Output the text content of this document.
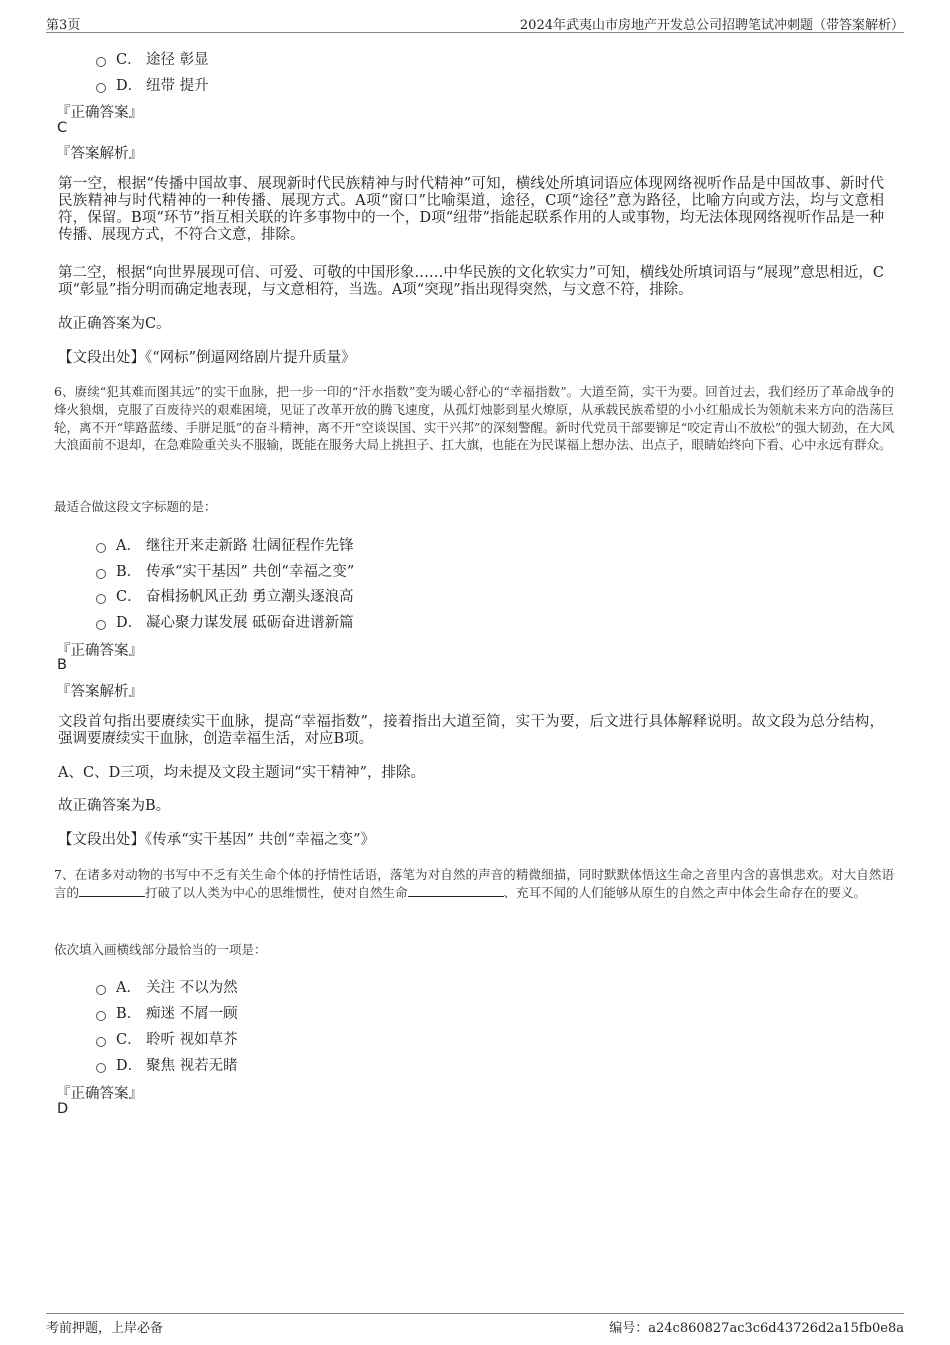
第3页	2024年武夷山市房地产开发总公司招聘笔试冲刺题（带答案解析）
C． 途径 彰显
D． 纽带 提升
『正确答案』
C
『答案解析』
第一空，根据“传播中国故事、展现新时代民族精神与时代精神”可知，横线处所填词语应体现网络视听作品是中国故事、新时代民族精神与时代精神的一种传播、展现方式。A项“窗口”比喻渠道，途径，C项“途径”意为路径，比喻方向或方法，均与文意相符，保留。B项“环节”指互相关联的许多事物中的一个，D项“纽带”指能起联系作用的人或事物，均无法体现网络视听作品是一种传播、展现方式，不符合文意，排除。
第二空，根据“向世界展现可信、可爱、可敬的中国形象……中华民族的文化软实力”可知，横线处所填词语与“展现”意思相近，C项“彰显”指分明而确定地表现，与文意相符，当选。A项“突现”指出现得突然，与文意不符，排除。
故正确答案为C。
【文段出处】《“网标”倒逼网络剧片提升质量》
6、赓续“犯其难而图其远”的实干血脉，把一步一印的“汗水指数”变为暖心舒心的“幸福指数”。大道至简，实干为要。回首过去，我们经历了革命战争的烽火狼烟，克服了百废待兴的艰难困境，见证了改革开放的腾飞速度，从孤灯烛影到星火燎原，从承载民族希望的小小红船成长为领航未来方向的浩荡巨轮，离不开“筚路蓝缕、手胼足胝”的奋斗精神，离不开“空谈误国、实干兴邦”的深刻警醒。新时代党员干部要铆足“咬定青山不放松”的强大韧劲，在大风大浪面前不退却，在急难险重关头不服输，既能在服务大局上挑担子、扛大旗，也能在为民谋福上想办法、出点子，眼睛始终向下看、心中永远有群众。
最适合做这段文字标题的是：
A． 继往开来走新路 壮阔征程作先锋
B． 传承“实干基因” 共创“幸福之变”
C． 奋楫扬帆风正劲 勇立潮头逐浪高
D． 凝心聚力谋发展 砥砺奋进谱新篇
『正确答案』
B
『答案解析』
文段首句指出要赓续实干血脉，提高“幸福指数”，接着指出大道至简，实干为要，后文进行具体解释说明。故文段为总分结构，强调要赓续实干血脉，创造幸福生活，对应B项。
A、C、D三项，均未提及文段主题词“实干精神”，排除。
故正确答案为B。
【文段出处】《传承“实干基因” 共创“幸福之变”》
7、在诸多对动物的书写中不乏有关生命个体的抒情性话语，落笔为对自然的声音的精微细描，同时默默体悟这生命之音里内含的喜惧悲欢。对大自然语言的	打破了以人类为中心的思维惯性，使对自然生命	、充耳不闻的人们能够从原生的自然之声中体会生命存在的要义。
依次填入画横线部分最恰当的一项是：
A． 关注 不以为然
B． 痴迷 不屑一顾
C． 聆听 视如草芥
D． 聚焦 视若无睹
『正确答案』
D
考前押题，上岸必备	编号：a24c860827ac3c6d43726d2a15fb0e8a
